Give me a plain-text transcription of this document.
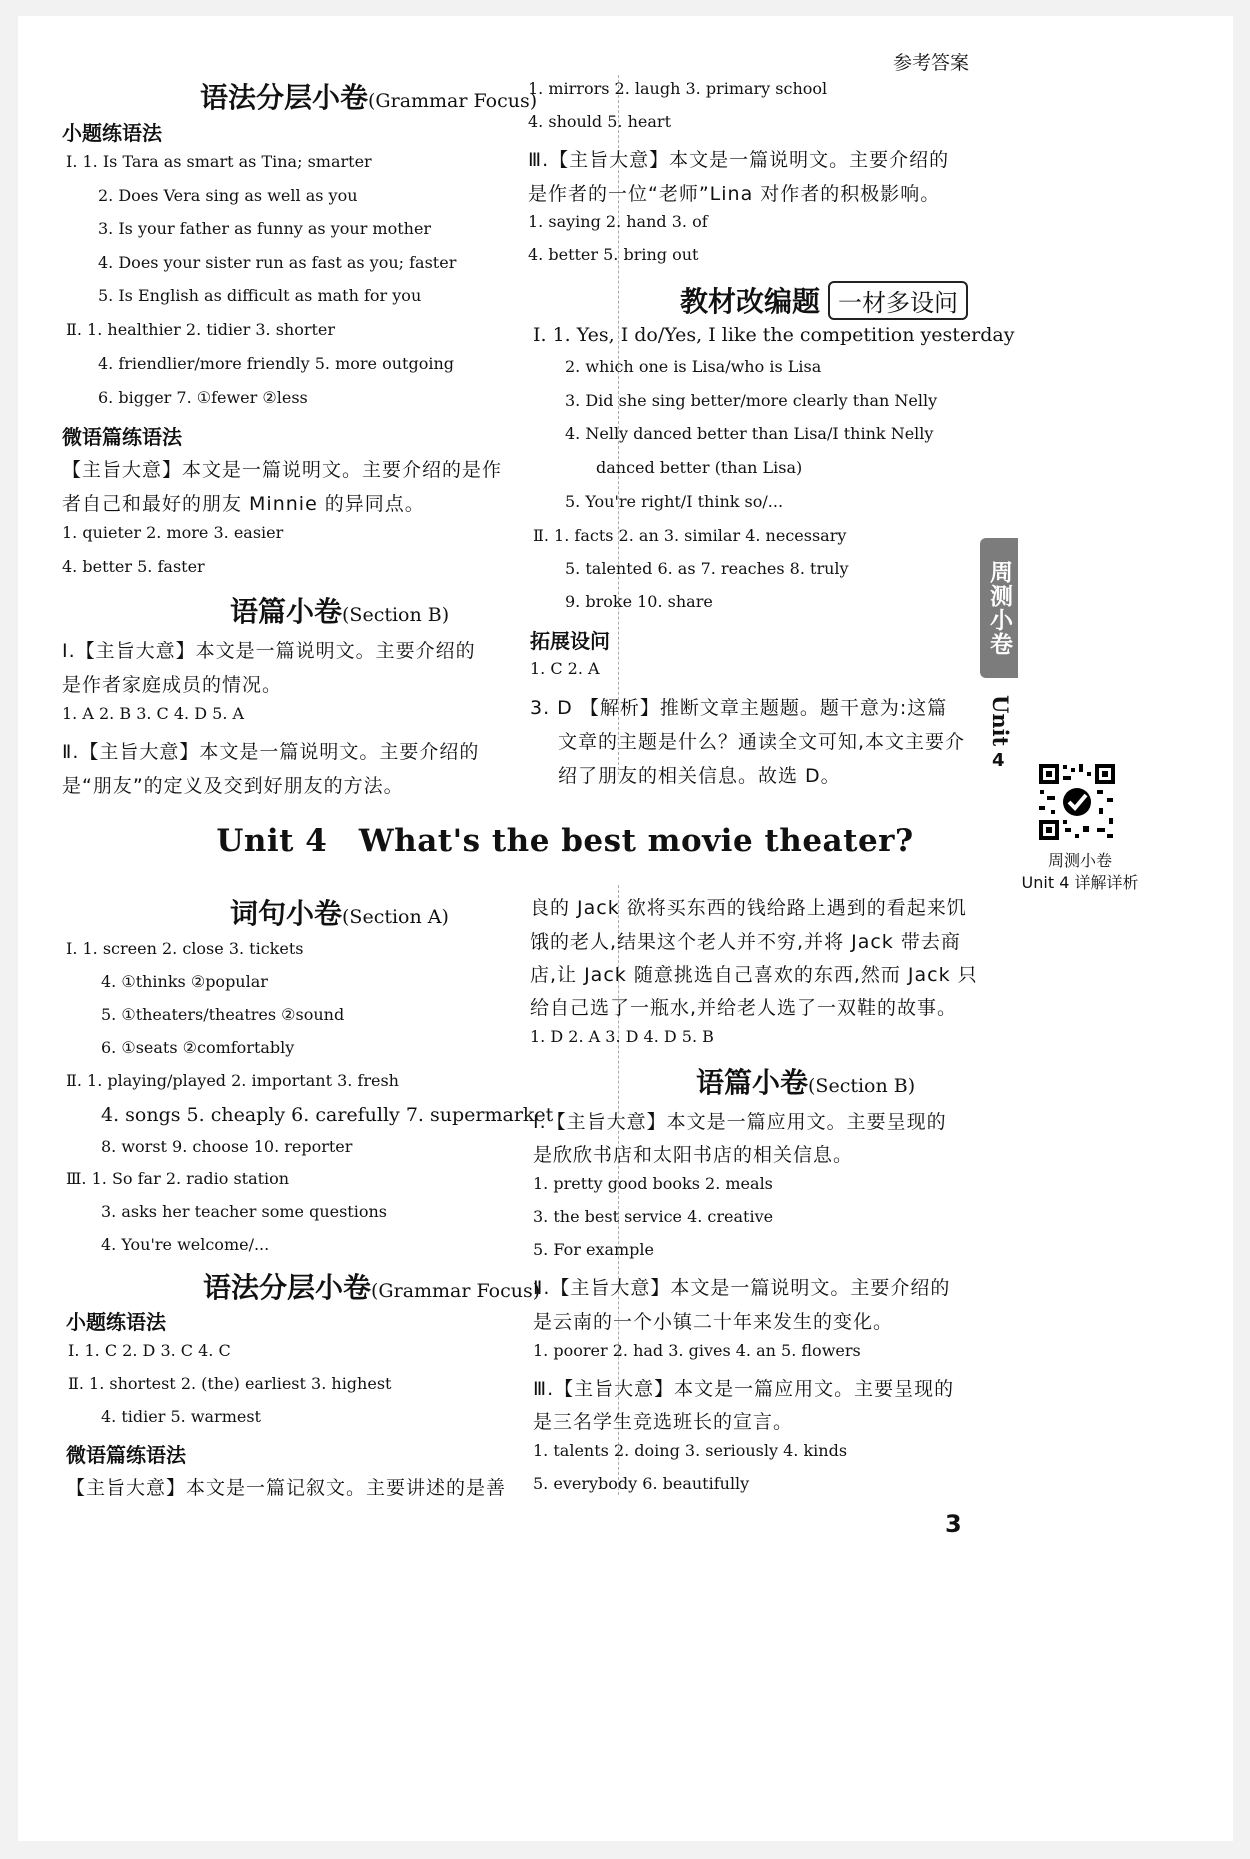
参考答案
语法分层小卷(Grammar Focus)
小题练语法
Ⅰ. 1. Is Tara as smart as Tina; smarter
2. Does Vera sing as well as you
3. Is your father as funny as your mother
4. Does your sister run as fast as you; faster
5. Is English as difficult as math for you
Ⅱ. 1. healthier 2. tidier 3. shorter
4. friendlier/more friendly 5. more outgoing
6. bigger 7. ①fewer ②less
微语篇练语法
【主旨大意】本文是一篇说明文。主要介绍的是作
者自己和最好的朋友 Minnie 的异同点。
1. quieter 2. more 3. easier
4. better 5. faster
语篇小卷(Section B)
Ⅰ.【主旨大意】本文是一篇说明文。主要介绍的
是作者家庭成员的情况。
1. A 2. B 3. C 4. D 5. A
Ⅱ.【主旨大意】本文是一篇说明文。主要介绍的
是“朋友”的定义及交到好朋友的方法。
1. mirrors 2. laugh 3. primary school
4. should 5. heart
Ⅲ.【主旨大意】本文是一篇说明文。主要介绍的
是作者的一位“老师”Lina 对作者的积极影响。
1. saying 2. hand 3. of
4. better 5. bring out
教材改编题 一材多设问
Ⅰ. 1. Yes, I do/Yes, I like the competition yesterday
2. which one is Lisa/who is Lisa
3. Did she sing better/more clearly than Nelly
4. Nelly danced better than Lisa/I think Nelly
danced better (than Lisa)
5. You're right/I think so/...
Ⅱ. 1. facts 2. an 3. similar 4. necessary
5. talented 6. as 7. reaches 8. truly
9. broke 10. share
拓展设问
1. C 2. A
3. D 【解析】推断文章主题题。题干意为:这篇
文章的主题是什么？通读全文可知,本文主要介
绍了朋友的相关信息。故选 D。
Unit 4　What's the best movie theater?
周测小卷
Unit 4 详解详析
词句小卷(Section A)
Ⅰ. 1. screen 2. close 3. tickets
4. ①thinks ②popular
5. ①theaters/theatres ②sound
6. ①seats ②comfortably
Ⅱ. 1. playing/played 2. important 3. fresh
4. songs 5. cheaply 6. carefully 7. supermarket
8. worst 9. choose 10. reporter
Ⅲ. 1. So far 2. radio station
3. asks her teacher some questions
4. You're welcome/...
语法分层小卷(Grammar Focus)
小题练语法
Ⅰ. 1. C 2. D 3. C 4. C
Ⅱ. 1. shortest 2. (the) earliest 3. highest
4. tidier 5. warmest
微语篇练语法
【主旨大意】本文是一篇记叙文。主要讲述的是善
良的 Jack 欲将买东西的钱给路上遇到的看起来饥
饿的老人,结果这个老人并不穷,并将 Jack 带去商
店,让 Jack 随意挑选自己喜欢的东西,然而 Jack 只
给自己选了一瓶水,并给老人选了一双鞋的故事。
1. D 2. A 3. D 4. D 5. B
语篇小卷(Section B)
Ⅰ.【主旨大意】本文是一篇应用文。主要呈现的
是欣欣书店和太阳书店的相关信息。
1. pretty good books 2. meals
3. the best service 4. creative
5. For example
Ⅱ.【主旨大意】本文是一篇说明文。主要介绍的
是云南的一个小镇二十年来发生的变化。
1. poorer 2. had 3. gives 4. an 5. flowers
Ⅲ.【主旨大意】本文是一篇应用文。主要呈现的
是三名学生竞选班长的宣言。
1. talents 2. doing 3. seriously 4. kinds
5. everybody 6. beautifully
周测小卷
Unit
4
3
